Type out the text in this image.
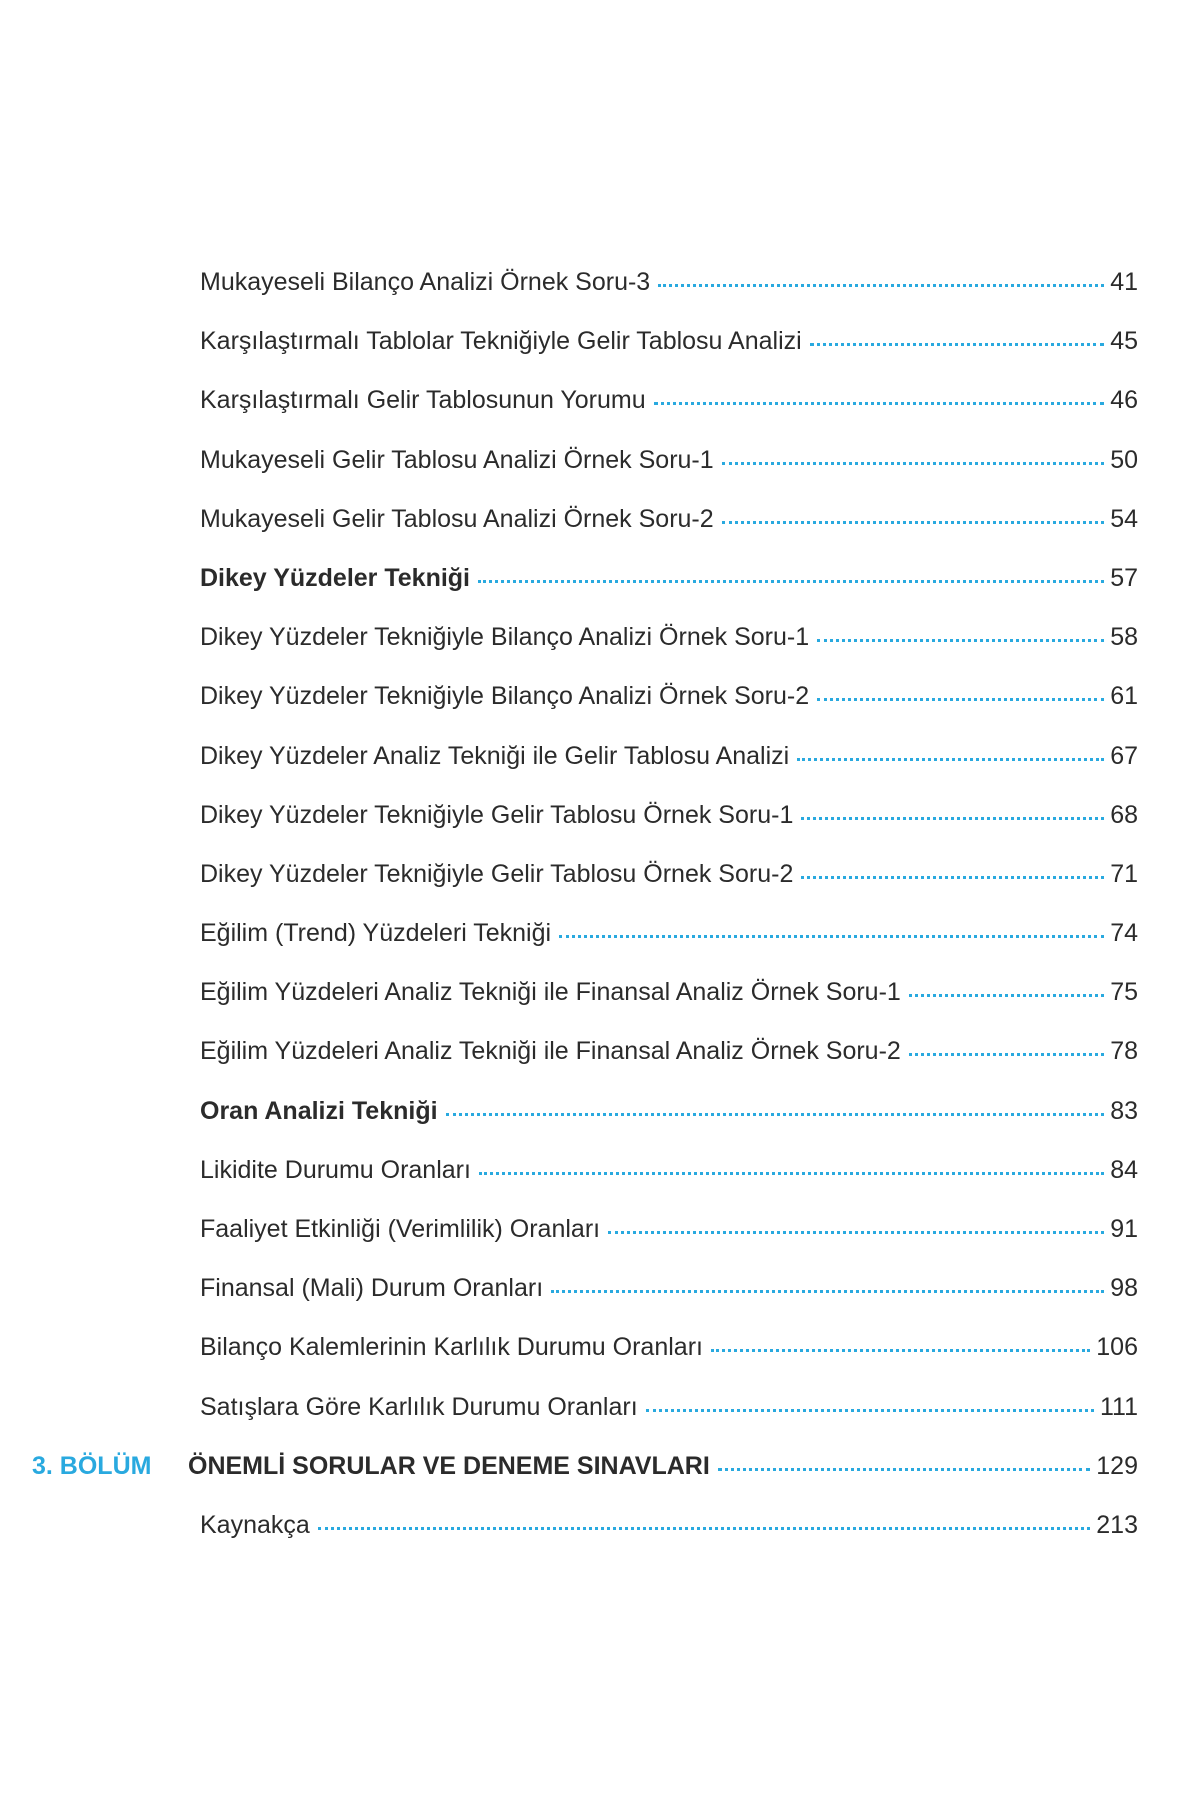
Mukayeseli Bilanço Analizi Örnek Soru-3	41
Karşılaştırmalı Tablolar Tekniğiyle Gelir Tablosu Analizi	45
Karşılaştırmalı Gelir Tablosunun Yorumu	46
Mukayeseli Gelir Tablosu Analizi Örnek Soru-1	50
Mukayeseli Gelir Tablosu Analizi Örnek Soru-2	54
Dikey Yüzdeler Tekniği	57
Dikey Yüzdeler Tekniğiyle Bilanço Analizi Örnek Soru-1	58
Dikey Yüzdeler Tekniğiyle Bilanço Analizi Örnek Soru-2	61
Dikey Yüzdeler Analiz Tekniği ile Gelir Tablosu Analizi	67
Dikey Yüzdeler Tekniğiyle Gelir Tablosu Örnek Soru-1	68
Dikey Yüzdeler Tekniğiyle Gelir Tablosu Örnek Soru-2	71
Eğilim (Trend) Yüzdeleri Tekniği	74
Eğilim Yüzdeleri Analiz Tekniği ile Finansal Analiz Örnek Soru-1	75
Eğilim Yüzdeleri Analiz Tekniği ile Finansal Analiz Örnek Soru-2	78
Oran Analizi Tekniği	83
Likidite Durumu Oranları	84
Faaliyet Etkinliği (Verimlilik) Oranları	91
Finansal (Mali) Durum Oranları	98
Bilanço Kalemlerinin Karlılık Durumu Oranları	106
Satışlara Göre Karlılık Durumu Oranları	111
3. BÖLÜM ÖNEMLİ SORULAR VE DENEME SINAVLARI	129
Kaynakça	213
